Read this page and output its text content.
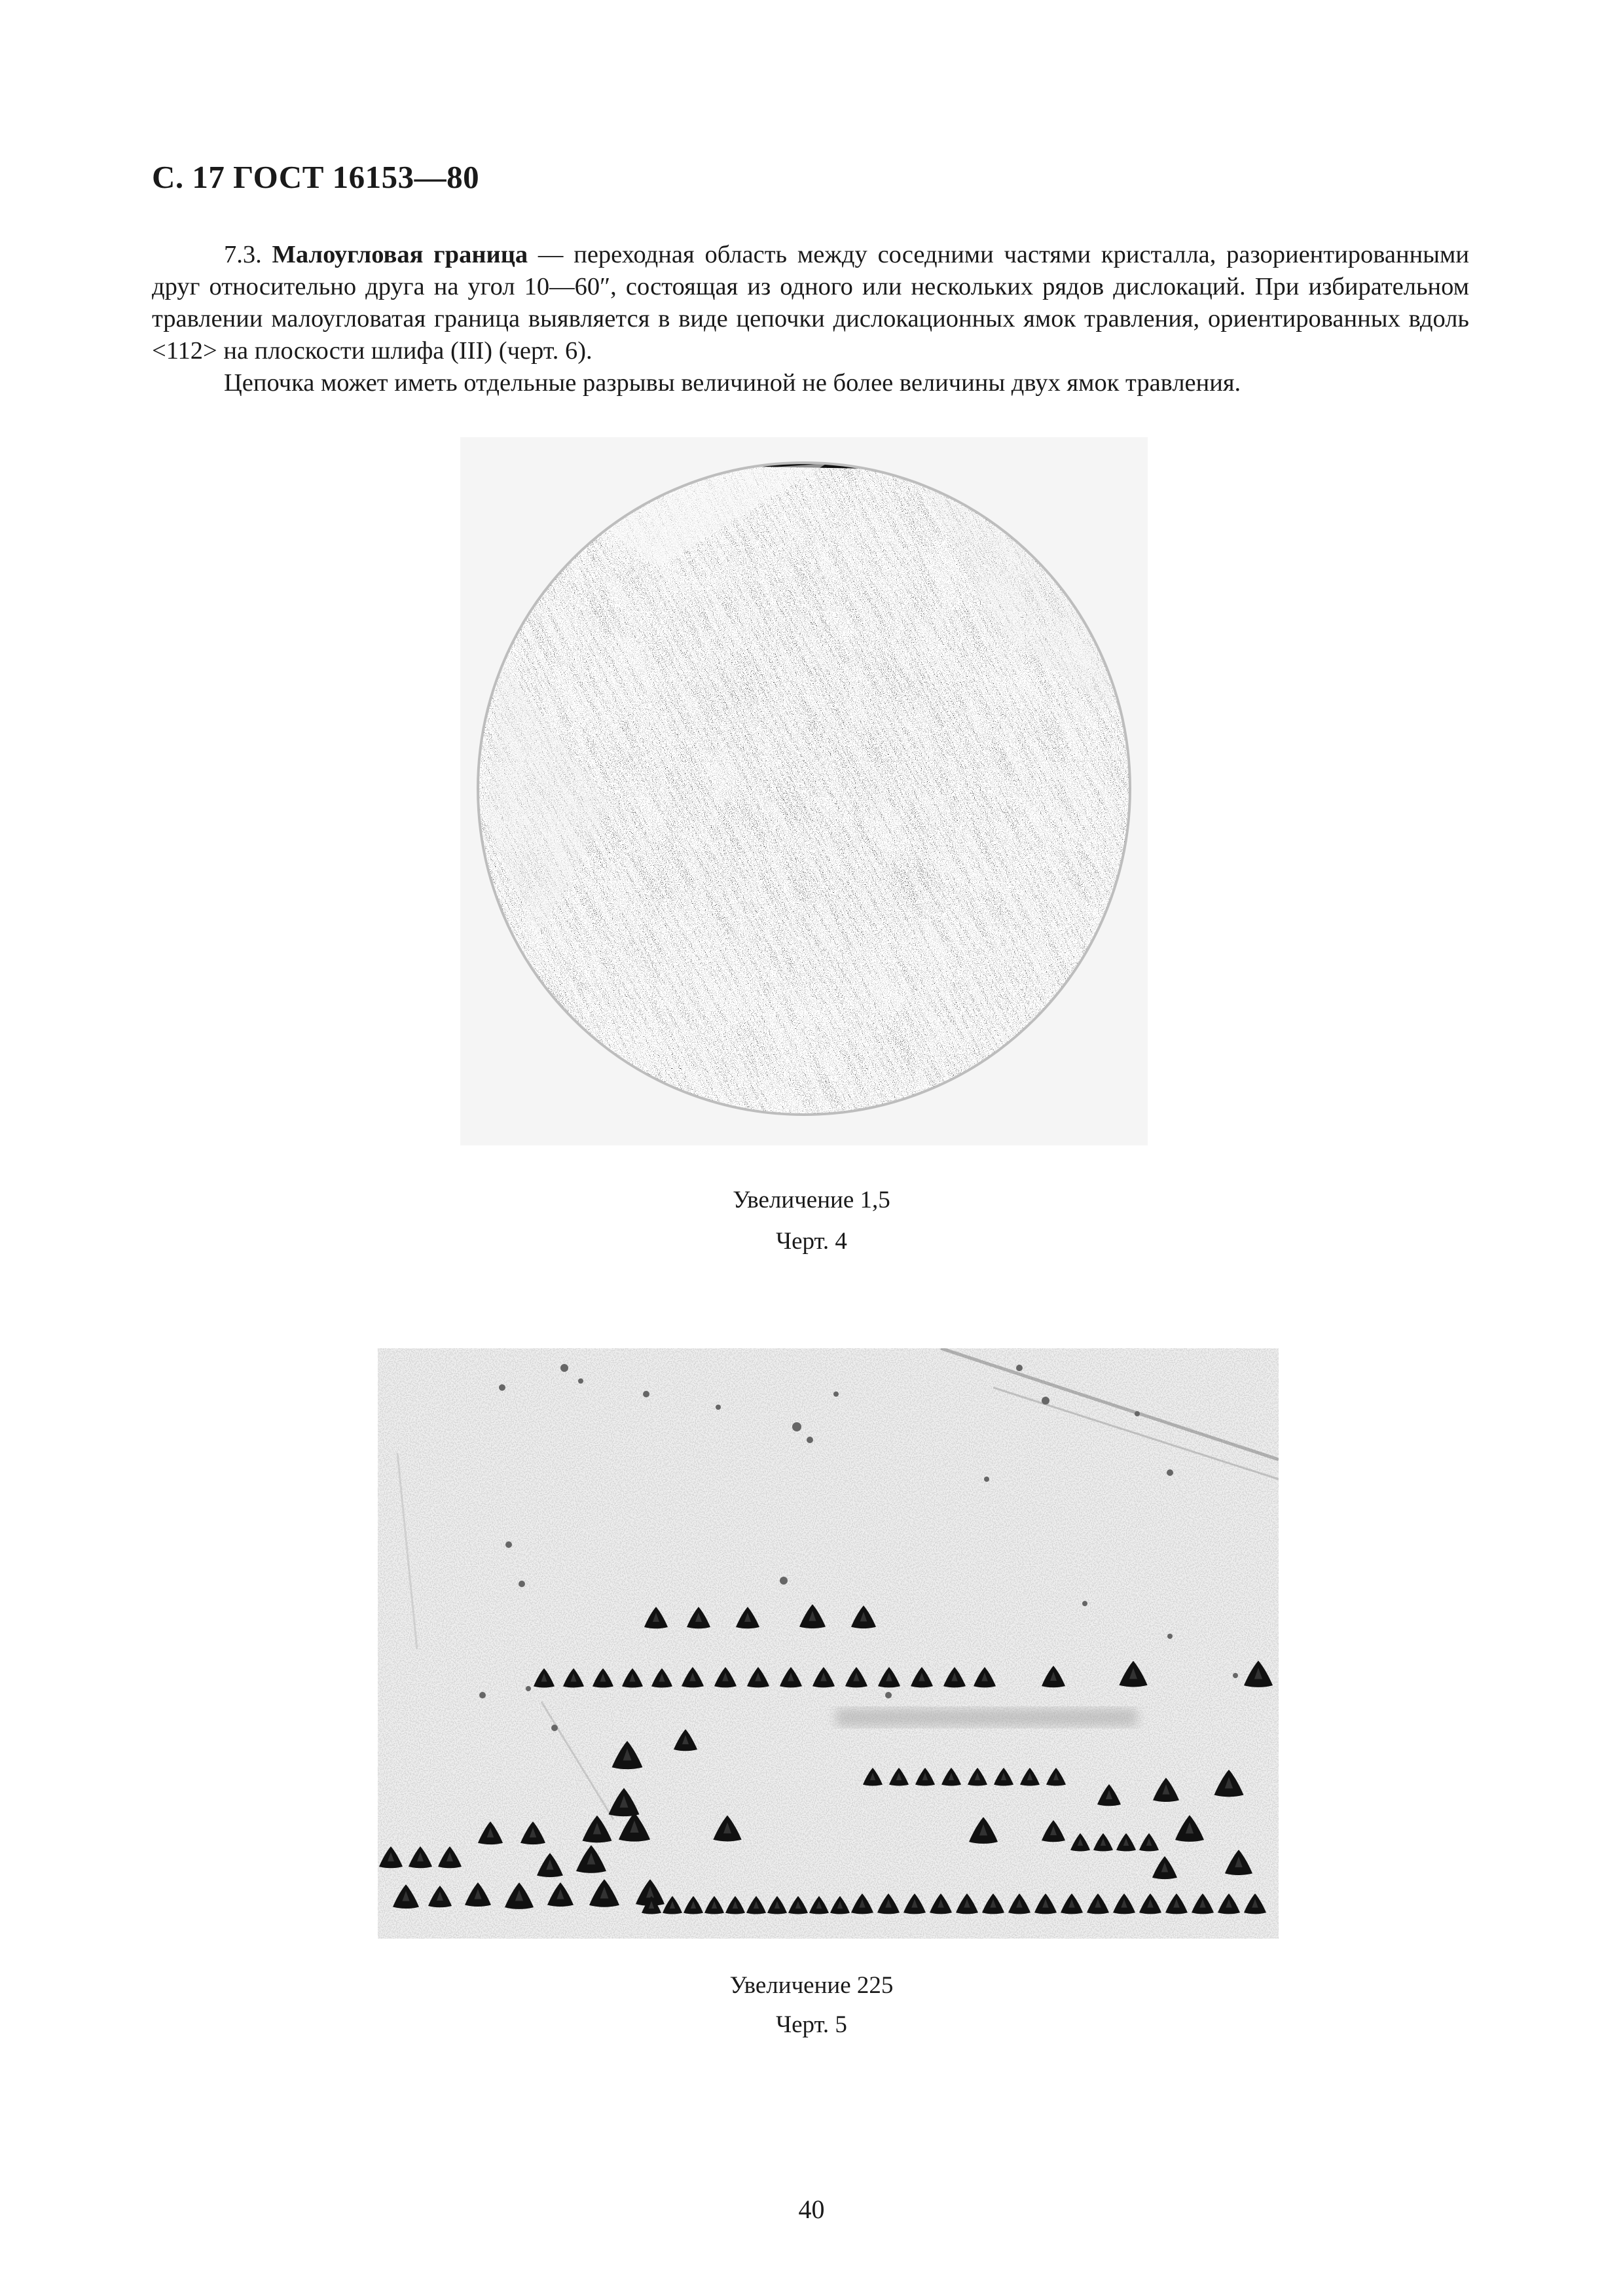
С. 17 ГОСТ 16153—80

7.3. Малоугловая граница — переходная область между соседними частями кристалла, разориентированными друг относительно друга на угол 10—60″, состоящая из одного или нескольких рядов дислокаций. При избирательном травлении малоугловатая граница выявляется в виде цепочки дислокационных ямок травления, ориентированных вдоль <112> на плоскости шлифа (III) (черт. 6).

Цепочка может иметь отдельные разрывы величиной не более величины двух ямок травления.

Увеличение 1,5
Черт. 4
Увеличение 225
Черт. 5
40
